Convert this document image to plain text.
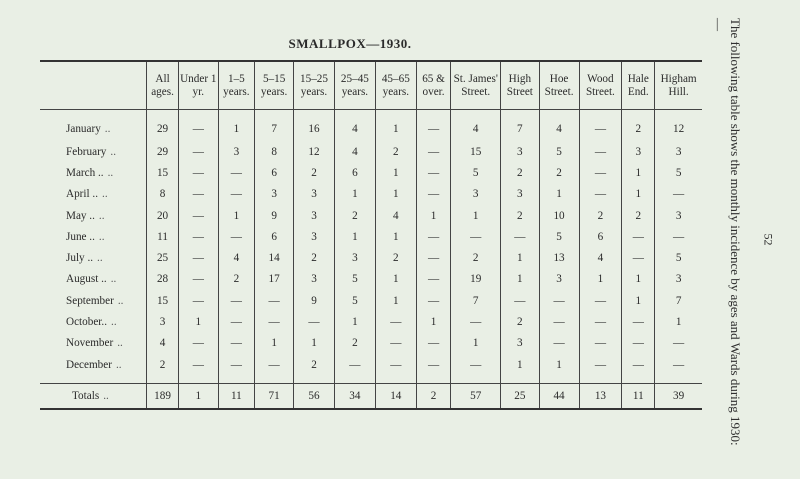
SMALLPOX—1930.	The following table shows the monthly incidence by ages and Wards during 1930:—
52
	All ages.	Under 1 yr.	1–5 years.	5–15 years.	15–25 years.	25–45 years.	45–65 years.	65 & over.	St. James' Street.	High Street	Hoe Street.	Wood Street.	Hale End.	Higham Hill.
January ..	29	—	1	7	16	4	1	—	4	7	4	—	2	12
February ..	29	—	3	8	12	4	2	—	15	3	5	—	3	3
March .. ..	15	—	—	6	2	6	1	—	5	2	2	—	1	5
April .. ..	8	—	—	3	3	1	1	—	3	3	1	—	1	—
May .. ..	20	—	1	9	3	2	4	1	1	2	10	2	2	3
June .. ..	11	—	—	6	3	1	1	—	—	—	5	6	—	—
July .. ..	25	—	4	14	2	3	2	—	2	1	13	4	—	5
August .. ..	28	—	2	17	3	5	1	—	19	1	3	1	1	3
September ..	15	—	—	—	9	5	1	—	7	—	—	—	1	7
October.. ..	3	1	—	—	—	1	—	1	—	2	—	—	—	1
November ..	4	—	—	1	1	2	—	—	1	3	—	—	—	—
December ..	2	—	—	—	2	—	—	—	—	1	1	—	—	—

Totals ..	189	1	11	71	56	34	14	2	57	25	44	13	11	39
